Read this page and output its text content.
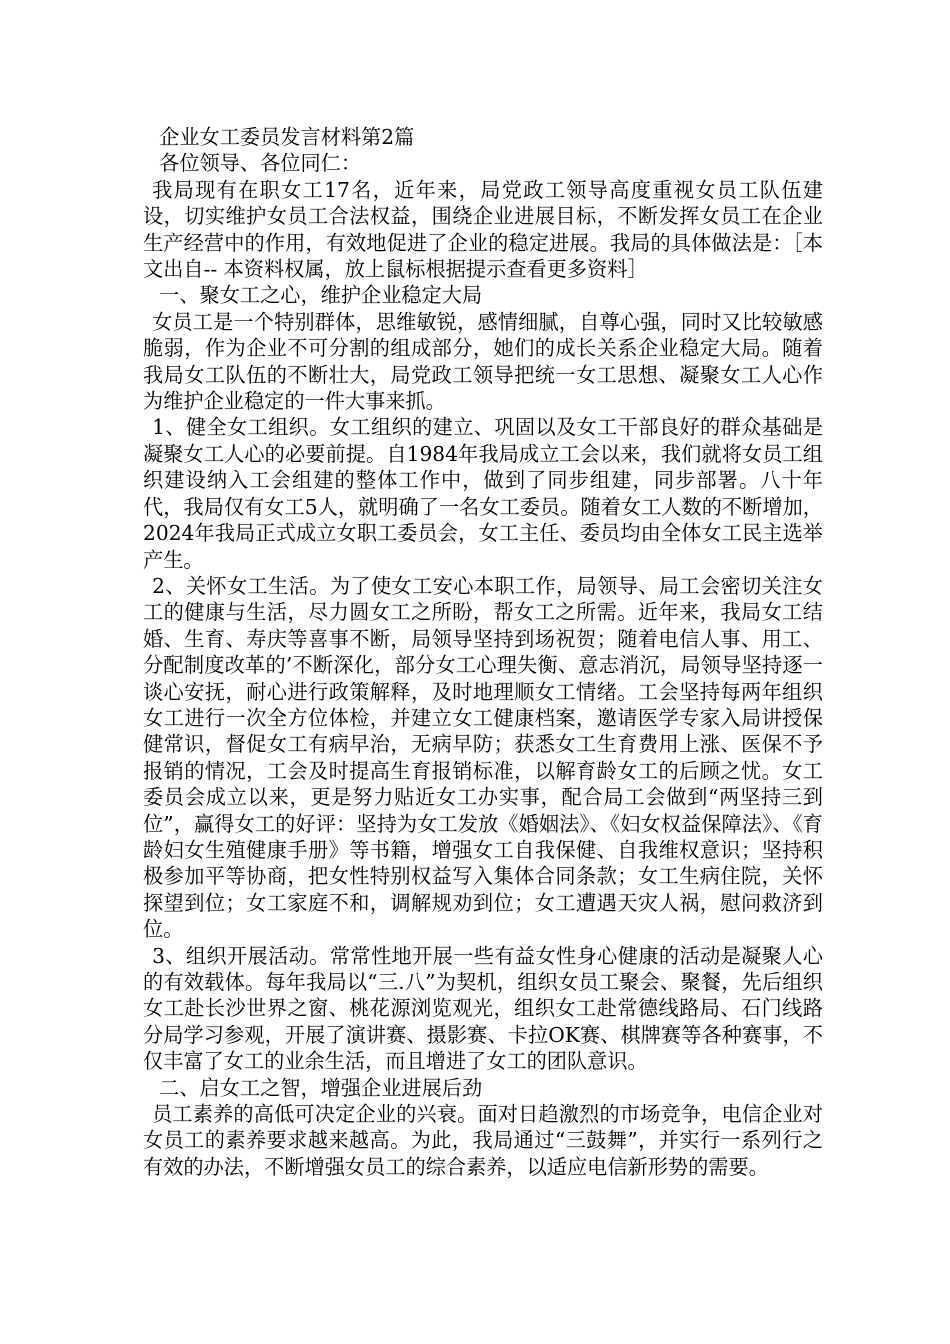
企业女工委员发言材料第2篇

各位领导、各位同仁：

我局现有在职女工17名，近年来，局党政工领导高度重视女员工队伍建设，切实维护女员工合法权益，围绕企业进展目标，不断发挥女员工在企业生产经营中的作用，有效地促进了企业的稳定进展。我局的具体做法是：［本文出自-- 本资料权属，放上鼠标根据提示查看更多资料］

一、聚女工之心，维护企业稳定大局

女员工是一个特别群体，思维敏锐，感情细腻，自尊心强，同时又比较敏感脆弱，作为企业不可分割的组成部分，她们的成长关系企业稳定大局。随着我局女工队伍的不断壮大，局党政工领导把统一女工思想、凝聚女工人心作为维护企业稳定的一件大事来抓。

1、健全女工组织。女工组织的建立、巩固以及女工干部良好的群众基础是凝聚女工人心的必要前提。自1984年我局成立工会以来，我们就将女员工组织建设纳入工会组建的整体工作中，做到了同步组建，同步部署。八十年代，我局仅有女工5人，就明确了一名女工委员。随着女工人数的不断增加，2024年我局正式成立女职工委员会，女工主任、委员均由全体女工民主选举产生。

2、关怀女工生活。为了使女工安心本职工作，局领导、局工会密切关注女工的健康与生活，尽力圆女工之所盼，帮女工之所需。近年来，我局女工结婚、生育、寿庆等喜事不断，局领导坚持到场祝贺；随着电信人事、用工、分配制度改革的’不断深化，部分女工心理失衡、意志消沉，局领导坚持逐一谈心安抚，耐心进行政策解释，及时地理顺女工情绪。工会坚持每两年组织女工进行一次全方位体检，并建立女工健康档案，邀请医学专家入局讲授保健常识，督促女工有病早治，无病早防；获悉女工生育费用上涨、医保不予报销的情况，工会及时提高生育报销标准，以解育龄女工的后顾之忧。女工委员会成立以来，更是努力贴近女工办实事，配合局工会做到“两坚持三到位”，赢得女工的好评：坚持为女工发放《婚姻法》、《妇女权益保障法》、《育龄妇女生殖健康手册》等书籍，增强女工自我保健、自我维权意识；坚持积极参加平等协商，把女性特别权益写入集体合同条款；女工生病住院，关怀探望到位；女工家庭不和，调解规劝到位；女工遭遇天灾人祸，慰问救济到位。

3、组织开展活动。常常性地开展一些有益女性身心健康的活动是凝聚人心的有效载体。每年我局以“三.八”为契机，组织女员工聚会、聚餐，先后组织女工赴长沙世界之窗、桃花源浏览观光，组织女工赴常德线路局、石门线路分局学习参观，开展了演讲赛、摄影赛、卡拉OK赛、棋牌赛等各种赛事，不仅丰富了女工的业余生活，而且增进了女工的团队意识。

二、启女工之智，增强企业进展后劲

员工素养的高低可决定企业的兴衰。面对日趋激烈的市场竞争，电信企业对女员工的素养要求越来越高。为此，我局通过“三鼓舞”，并实行一系列行之有效的办法，不断增强女员工的综合素养，以适应电信新形势的需要。
